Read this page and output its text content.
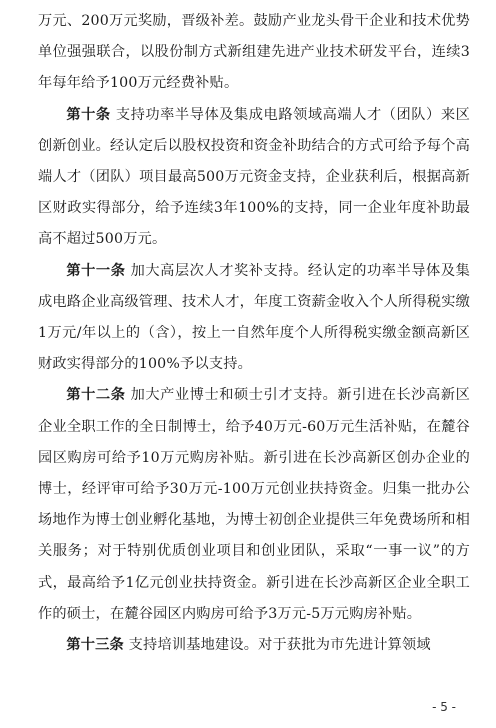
万元、200万元奖励，晋级补差。鼓励产业龙头骨干企业和技术优势单位强强联合，以股份制方式新组建先进产业技术研发平台，连续3年每年给予100万元经费补贴。

第十条 支持功率半导体及集成电路领域高端人才（团队）来区创新创业。经认定后以股权投资和资金补助结合的方式可给予每个高端人才（团队）项目最高500万元资金支持，企业获利后，根据高新区财政实得部分，给予连续3年100%的支持，同一企业年度补助最高不超过500万元。

第十一条 加大高层次人才奖补支持。经认定的功率半导体及集成电路企业高级管理、技术人才，年度工资薪金收入个人所得税实缴1万元/年以上的（含），按上一自然年度个人所得税实缴金额高新区财政实得部分的100%予以支持。

第十二条 加大产业博士和硕士引才支持。新引进在长沙高新区企业全职工作的全日制博士，给予40万元-60万元生活补贴，在麓谷园区购房可给予10万元购房补贴。新引进在长沙高新区创办企业的博士，经评审可给予30万元-100万元创业扶持资金。归集一批办公场地作为博士创业孵化基地，为博士初创企业提供三年免费场所和相关服务；对于特别优质创业项目和创业团队，采取“一事一议”的方式，最高给予1亿元创业扶持资金。新引进在长沙高新区企业全职工作的硕士，在麓谷园区内购房可给予3万元-5万元购房补贴。

第十三条 支持培训基地建设。对于获批为市先进计算领域

- 5 -
